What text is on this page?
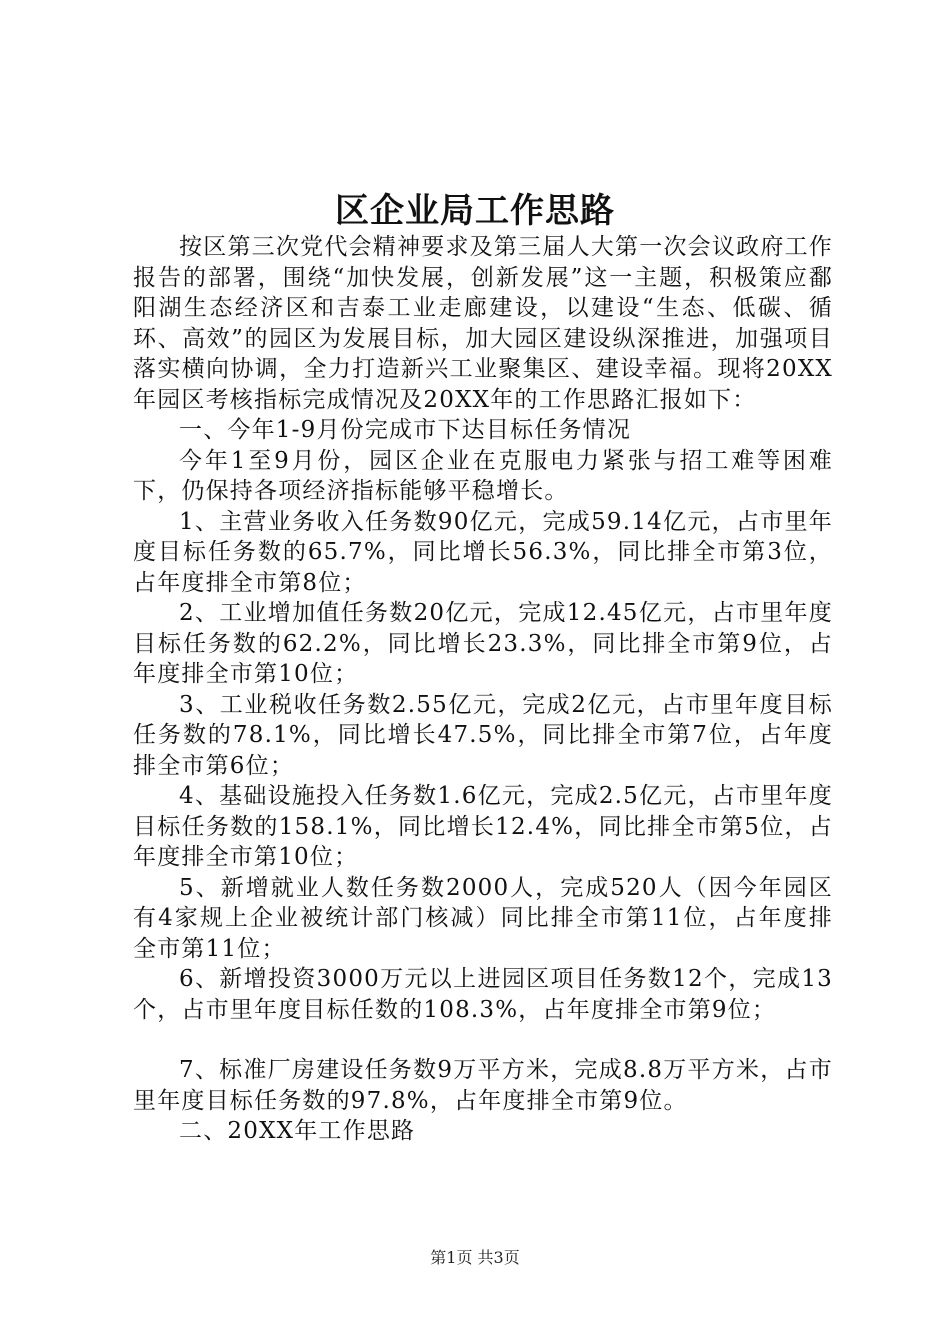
区企业局工作思路

按区第三次党代会精神要求及第三届人大第一次会议政府工作报告的部署，围绕“加快发展，创新发展”这一主题，积极策应鄱阳湖生态经济区和吉泰工业走廊建设，以建设“生态、低碳、循环、高效”的园区为发展目标，加大园区建设纵深推进，加强项目落实横向协调，全力打造新兴工业聚集区、建设幸福。现将20XX年园区考核指标完成情况及20XX年的工作思路汇报如下：

一、今年1-9月份完成市下达目标任务情况

今年1至9月份，园区企业在克服电力紧张与招工难等困难下，仍保持各项经济指标能够平稳增长。

1、主营业务收入任务数90亿元，完成59.14亿元，占市里年度目标任务数的65.7%，同比增长56.3%，同比排全市第3位，占年度排全市第8位；

2、工业增加值任务数20亿元，完成12.45亿元，占市里年度目标任务数的62.2%，同比增长23.3%，同比排全市第9位，占年度排全市第10位；

3、工业税收任务数2.55亿元，完成2亿元，占市里年度目标任务数的78.1%，同比增长47.5%，同比排全市第7位，占年度排全市第6位；

4、基础设施投入任务数1.6亿元，完成2.5亿元，占市里年度目标任务数的158.1%，同比增长12.4%，同比排全市第5位，占年度排全市第10位；

5、新增就业人数任务数2000人，完成520人（因今年园区有4家规上企业被统计部门核减）同比排全市第11位，占年度排全市第11位；

6、新增投资3000万元以上进园区项目任务数12个，完成13个，占市里年度目标任数的108.3%，占年度排全市第9位；

7、标准厂房建设任务数9万平方米，完成8.8万平方米，占市里年度目标任务数的97.8%，占年度排全市第9位。

二、20XX年工作思路

第1页 共3页
